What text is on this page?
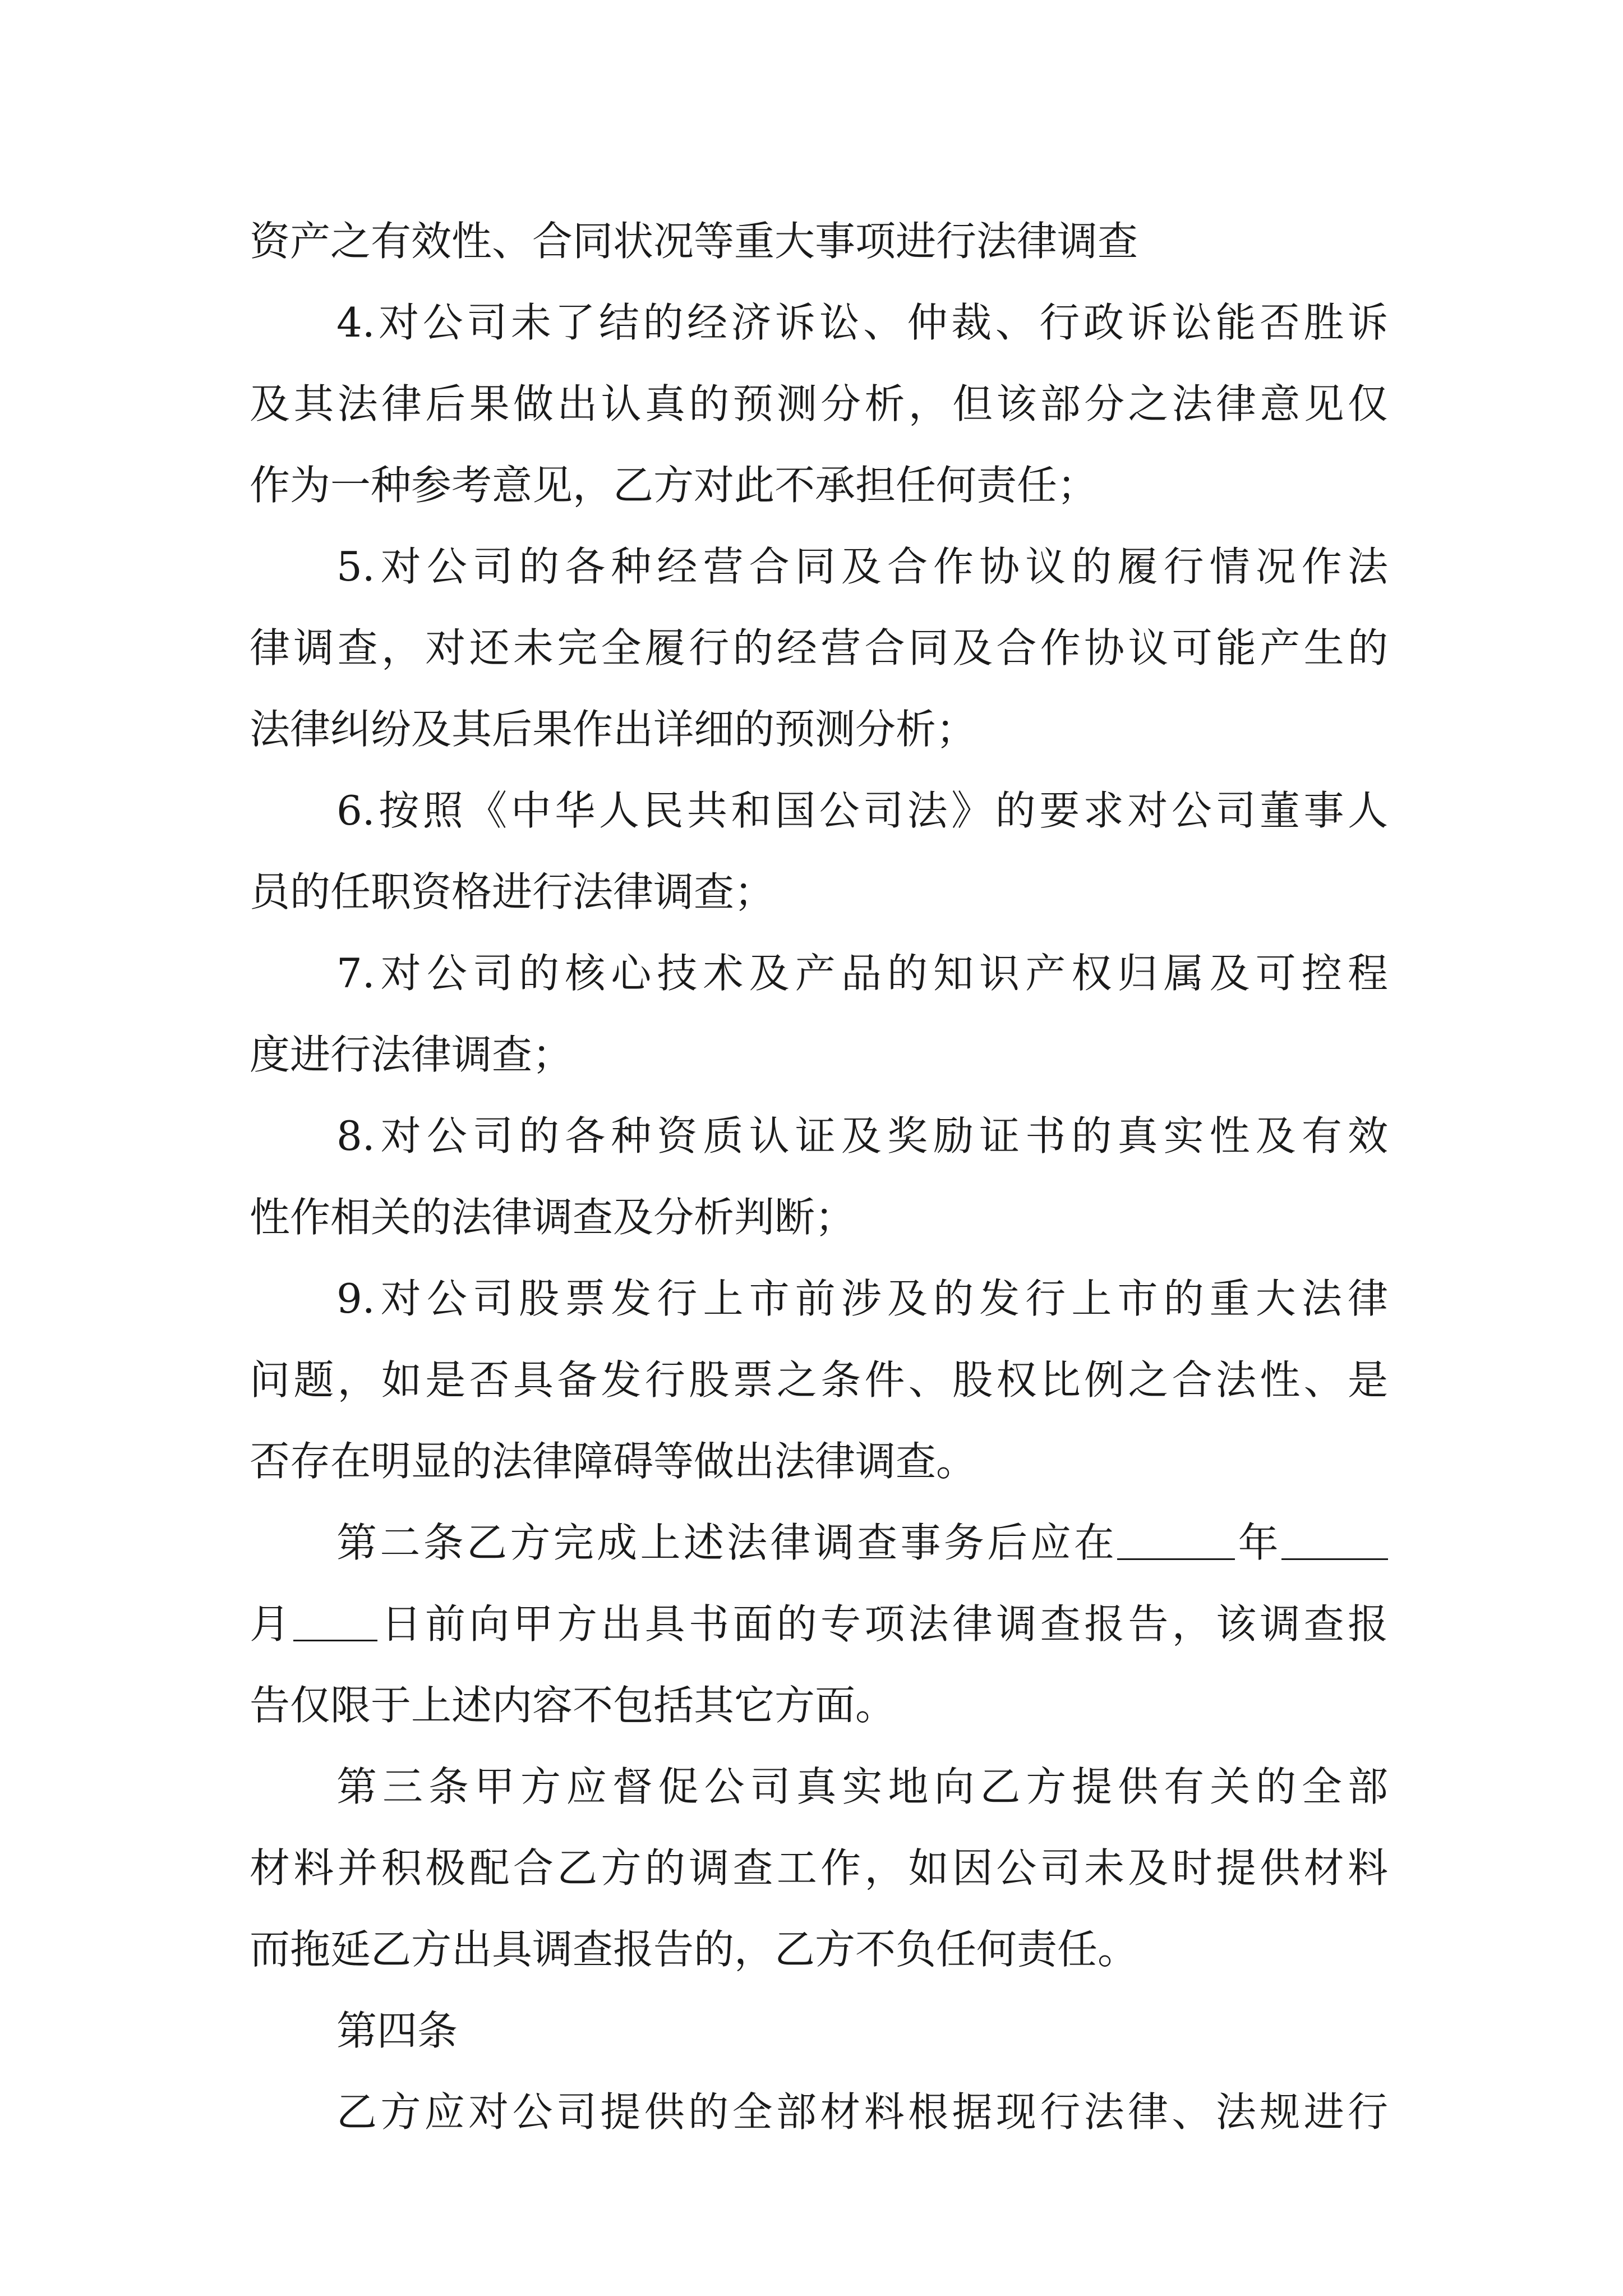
资产之有效性、合同状况等重大事项进行法律调查
4.对公司未了结的经济诉讼、仲裁、行政诉讼能否胜诉
及其法律后果做出认真的预测分析，但该部分之法律意见仅
作为一种参考意见，乙方对此不承担任何责任；
5.对公司的各种经营合同及合作协议的履行情况作法
律调查，对还未完全履行的经营合同及合作协议可能产生的
法律纠纷及其后果作出详细的预测分析；
6.按照《中华人民共和国公司法》的要求对公司董事人
员的任职资格进行法律调查；
7.对公司的核心技术及产品的知识产权归属及可控程
度进行法律调查；
8.对公司的各种资质认证及奖励证书的真实性及有效
性作相关的法律调查及分析判断；
9.对公司股票发行上市前涉及的发行上市的重大法律
问题，如是否具备发行股票之条件、股权比例之合法性、是
否存在明显的法律障碍等做出法律调查。
第二条乙方完成上述法律调查事务后应在	年
月 日前向甲方出具书面的专项法律调查报告，该调查报
告仅限于上述内容不包括其它方面。
第三条甲方应督促公司真实地向乙方提供有关的全部
材料并积极配合乙方的调查工作，如因公司未及时提供材料
而拖延乙方出具调查报告的，乙方不负任何责任。
第四条
乙方应对公司提供的全部材料根据现行法律、法规进行
